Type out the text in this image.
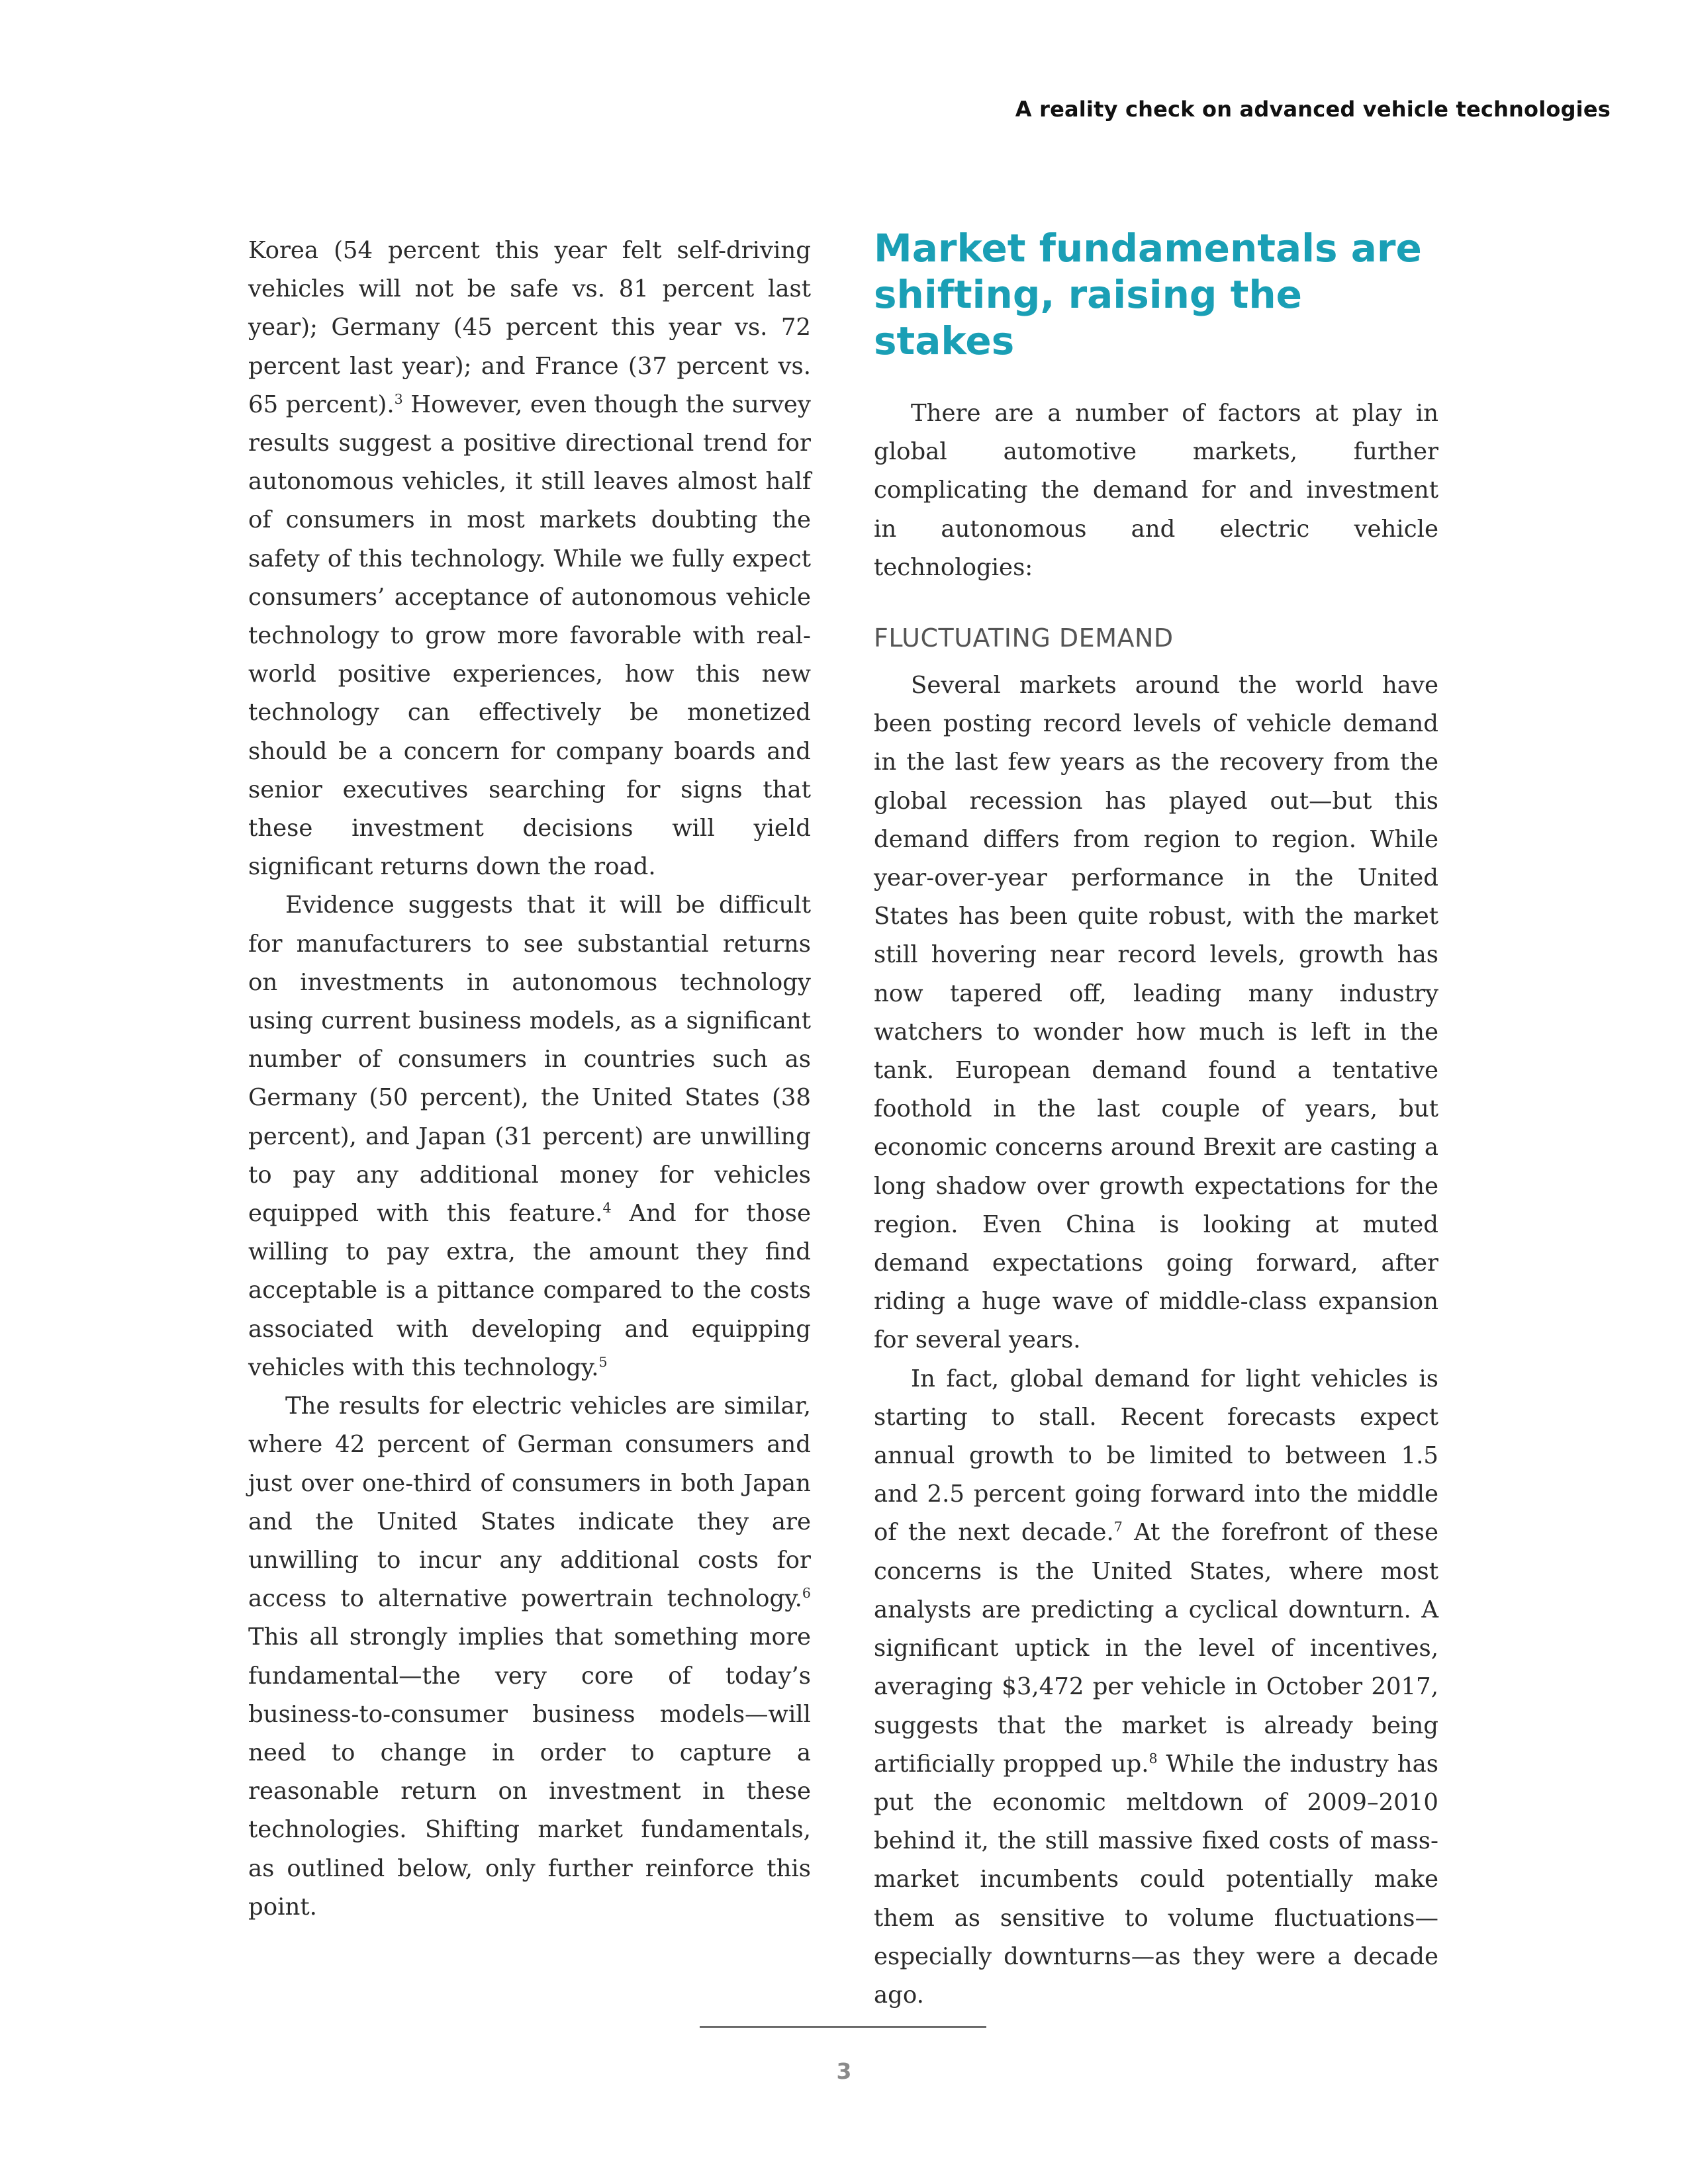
A reality check on advanced vehicle technologies

Korea (54 percent this year felt self-driving vehicles will not be safe vs. 81 percent last year); Germany (45 percent this year vs. 72 percent last year); and France (37 percent vs. 65 percent).$^3$ However, even though the survey results suggest a positive directional trend for autonomous vehicles, it still leaves almost half of consumers in most markets doubting the safety of this technology. While we fully expect consumers’ acceptance of autonomous vehicle technology to grow more favorable with real-world positive experiences, how this new technology can effectively be monetized should be a concern for company boards and senior executives searching for signs that these investment decisions will yield significant returns down the road.

Evidence suggests that it will be difficult for manufacturers to see substantial returns on investments in autonomous technology using current business models, as a significant number of consumers in countries such as Germany (50 percent), the United States (38 percent), and Japan (31 percent) are unwilling to pay any additional money for vehicles equipped with this feature.$^4$ And for those willing to pay extra, the amount they find acceptable is a pittance compared to the costs associated with developing and equipping vehicles with this technology.$^5$

The results for electric vehicles are similar, where 42 percent of German consumers and just over one-third of consumers in both Japan and the United States indicate they are unwilling to incur any additional costs for access to alternative powertrain technology.$^6$ This all strongly implies that something more fundamental—the very core of today’s business-to-consumer business models—will need to change in order to capture a reasonable return on investment in these technologies. Shifting market fundamentals, as outlined below, only further reinforce this point.

Market fundamentals are shifting, raising the stakes

There are a number of factors at play in global automotive markets, further complicating the demand for and investment in autonomous and electric vehicle technologies:

FLUCTUATING DEMAND

Several markets around the world have been posting record levels of vehicle demand in the last few years as the recovery from the global recession has played out—but this demand differs from region to region. While year-over-year performance in the United States has been quite robust, with the market still hovering near record levels, growth has now tapered off, leading many industry watchers to wonder how much is left in the tank. European demand found a tentative foothold in the last couple of years, but economic concerns around Brexit are casting a long shadow over growth expectations for the region. Even China is looking at muted demand expectations going forward, after riding a huge wave of middle-class expansion for several years.

In fact, global demand for light vehicles is starting to stall. Recent forecasts expect annual growth to be limited to between 1.5 and 2.5 percent going forward into the middle of the next decade.$^7$ At the forefront of these concerns is the United States, where most analysts are predicting a cyclical downturn. A significant uptick in the level of incentives, averaging $3,472 per vehicle in October 2017, suggests that the market is already being artificially propped up.$^8$ While the industry has put the economic meltdown of 2009–2010 behind it, the still massive fixed costs of mass-market incumbents could potentially make them as sensitive to volume fluctuations—especially downturns—as they were a decade ago.

3
